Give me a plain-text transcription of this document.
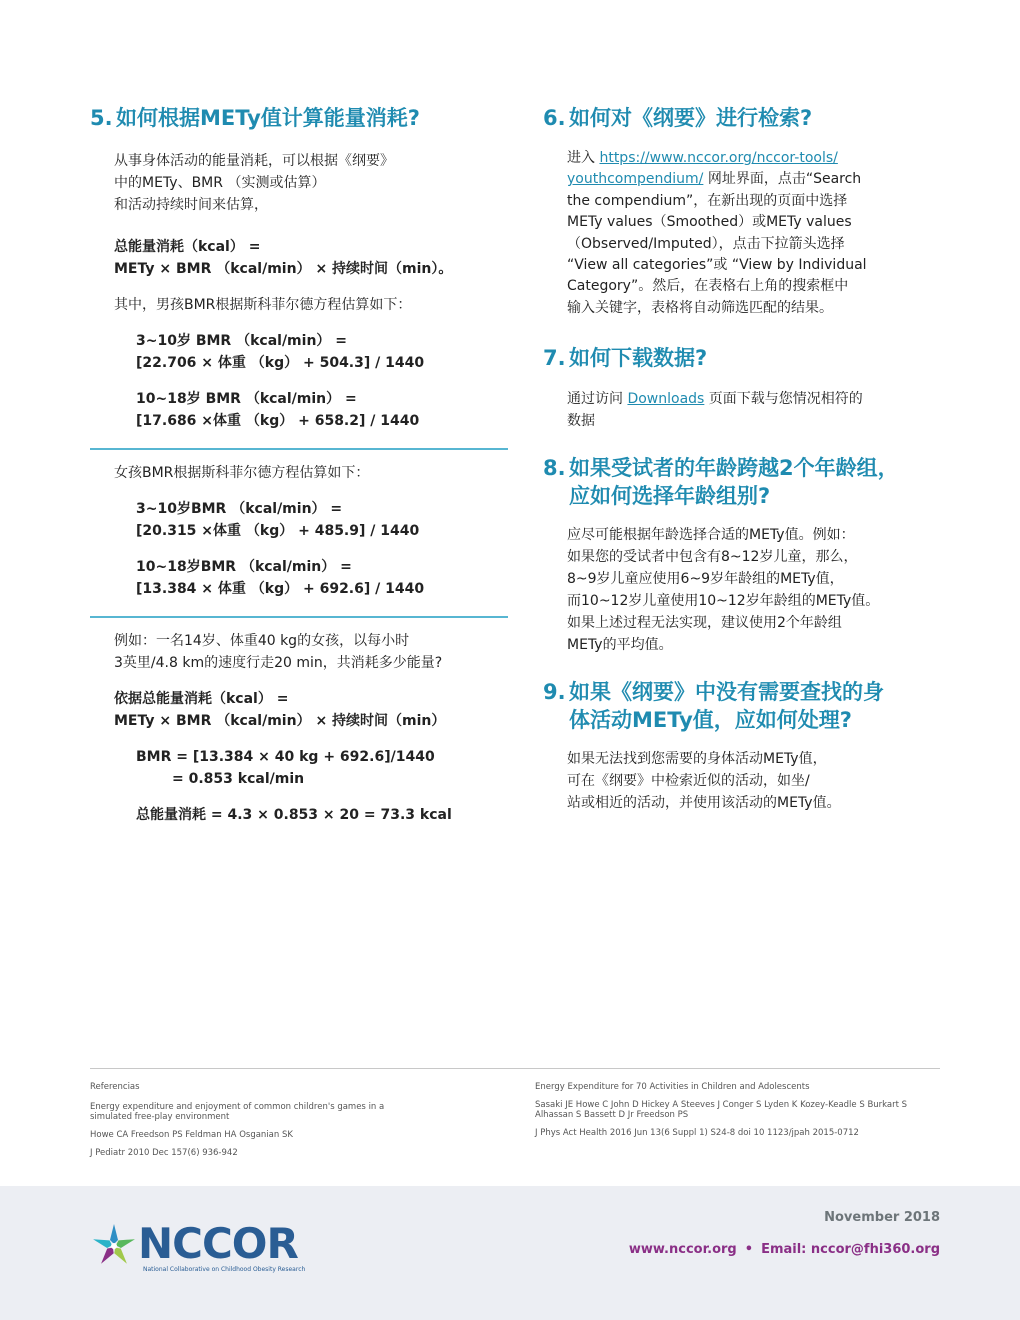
5. 如何根据METy值计算能量消耗?

从事身体活动的能量消耗，可以根据《纲要》
中的METy、BMR （实测或估算）
和活动持续时间来估算，

总能量消耗（kcal） =
METy × BMR （kcal/min） × 持续时间（min）。

其中，男孩BMR根据斯科菲尔德方程估算如下：

3~10岁 BMR （kcal/min） =
[22.706 × 体重 （kg） + 504.3] / 1440

10~18岁 BMR （kcal/min） =
[17.686 ×体重 （kg） + 658.2] / 1440

女孩BMR根据斯科菲尔德方程估算如下：

3~10岁BMR （kcal/min） =
[20.315 ×体重 （kg） + 485.9] / 1440

10~18岁BMR （kcal/min） =
[13.384 × 体重 （kg） + 692.6] / 1440

例如：一名14岁、体重40 kg的女孩，以每小时
3英里/4.8 km的速度行走20 min，共消耗多少能量?

依据总能量消耗（kcal） =
METy × BMR （kcal/min） × 持续时间（min）

BMR = [13.384 × 40 kg + 692.6]/1440
= 0.853 kcal/min

总能量消耗 = 4.3 × 0.853 × 20 = 73.3 kcal

6. 如何对《纲要》进行检索?

进入 https://www.nccor.org/nccor-tools/
youthcompendium/ 网址界面，点击“Search
the compendium”，在新出现的页面中选择
METy values（Smoothed）或METy values
（Observed/Imputed），点击下拉箭头选择
“View all categories”或 “View by Individual
Category”。然后，在表格右上角的搜索框中
输入关键字，表格将自动筛选匹配的结果。

7. 如何下载数据?

通过访问 Downloads 页面下载与您情况相符的
数据

8. 如果受试者的年龄跨越2个年龄组，
应如何选择年龄组别?

应尽可能根据年龄选择合适的METy值。例如：
如果您的受试者中包含有8~12岁儿童，那么，
8~9岁儿童应使用6~9岁年龄组的METy值，
而10~12岁儿童使用10~12岁年龄组的METy值。
如果上述过程无法实现，建议使用2个年龄组
METy的平均值。

9. 如果《纲要》中没有需要查找的身
体活动METy值，应如何处理?

如果无法找到您需要的身体活动METy值，
可在《纲要》中检索近似的活动，如坐/
站或相近的活动，并使用该活动的METy值。

Referencias

Energy expenditure and enjoyment of common children's games in a
simulated free-play environment

Howe CA Freedson PS Feldman HA Osganian SK

J Pediatr 2010 Dec 157(6) 936-942

Energy Expenditure for 70 Activities in Children and Adolescents

Sasaki JE Howe C John D Hickey A Steeves J Conger S Lyden K Kozey-Keadle S Burkart S
Alhassan S Bassett D Jr Freedson PS

J Phys Act Health 2016 Jun 13(6 Suppl 1) S24-8 doi 10 1123/jpah 2015-0712

NCCOR
National Collaborative on Childhood Obesity Research
November 2018
www.nccor.org • Email: nccor@fhi360.org
